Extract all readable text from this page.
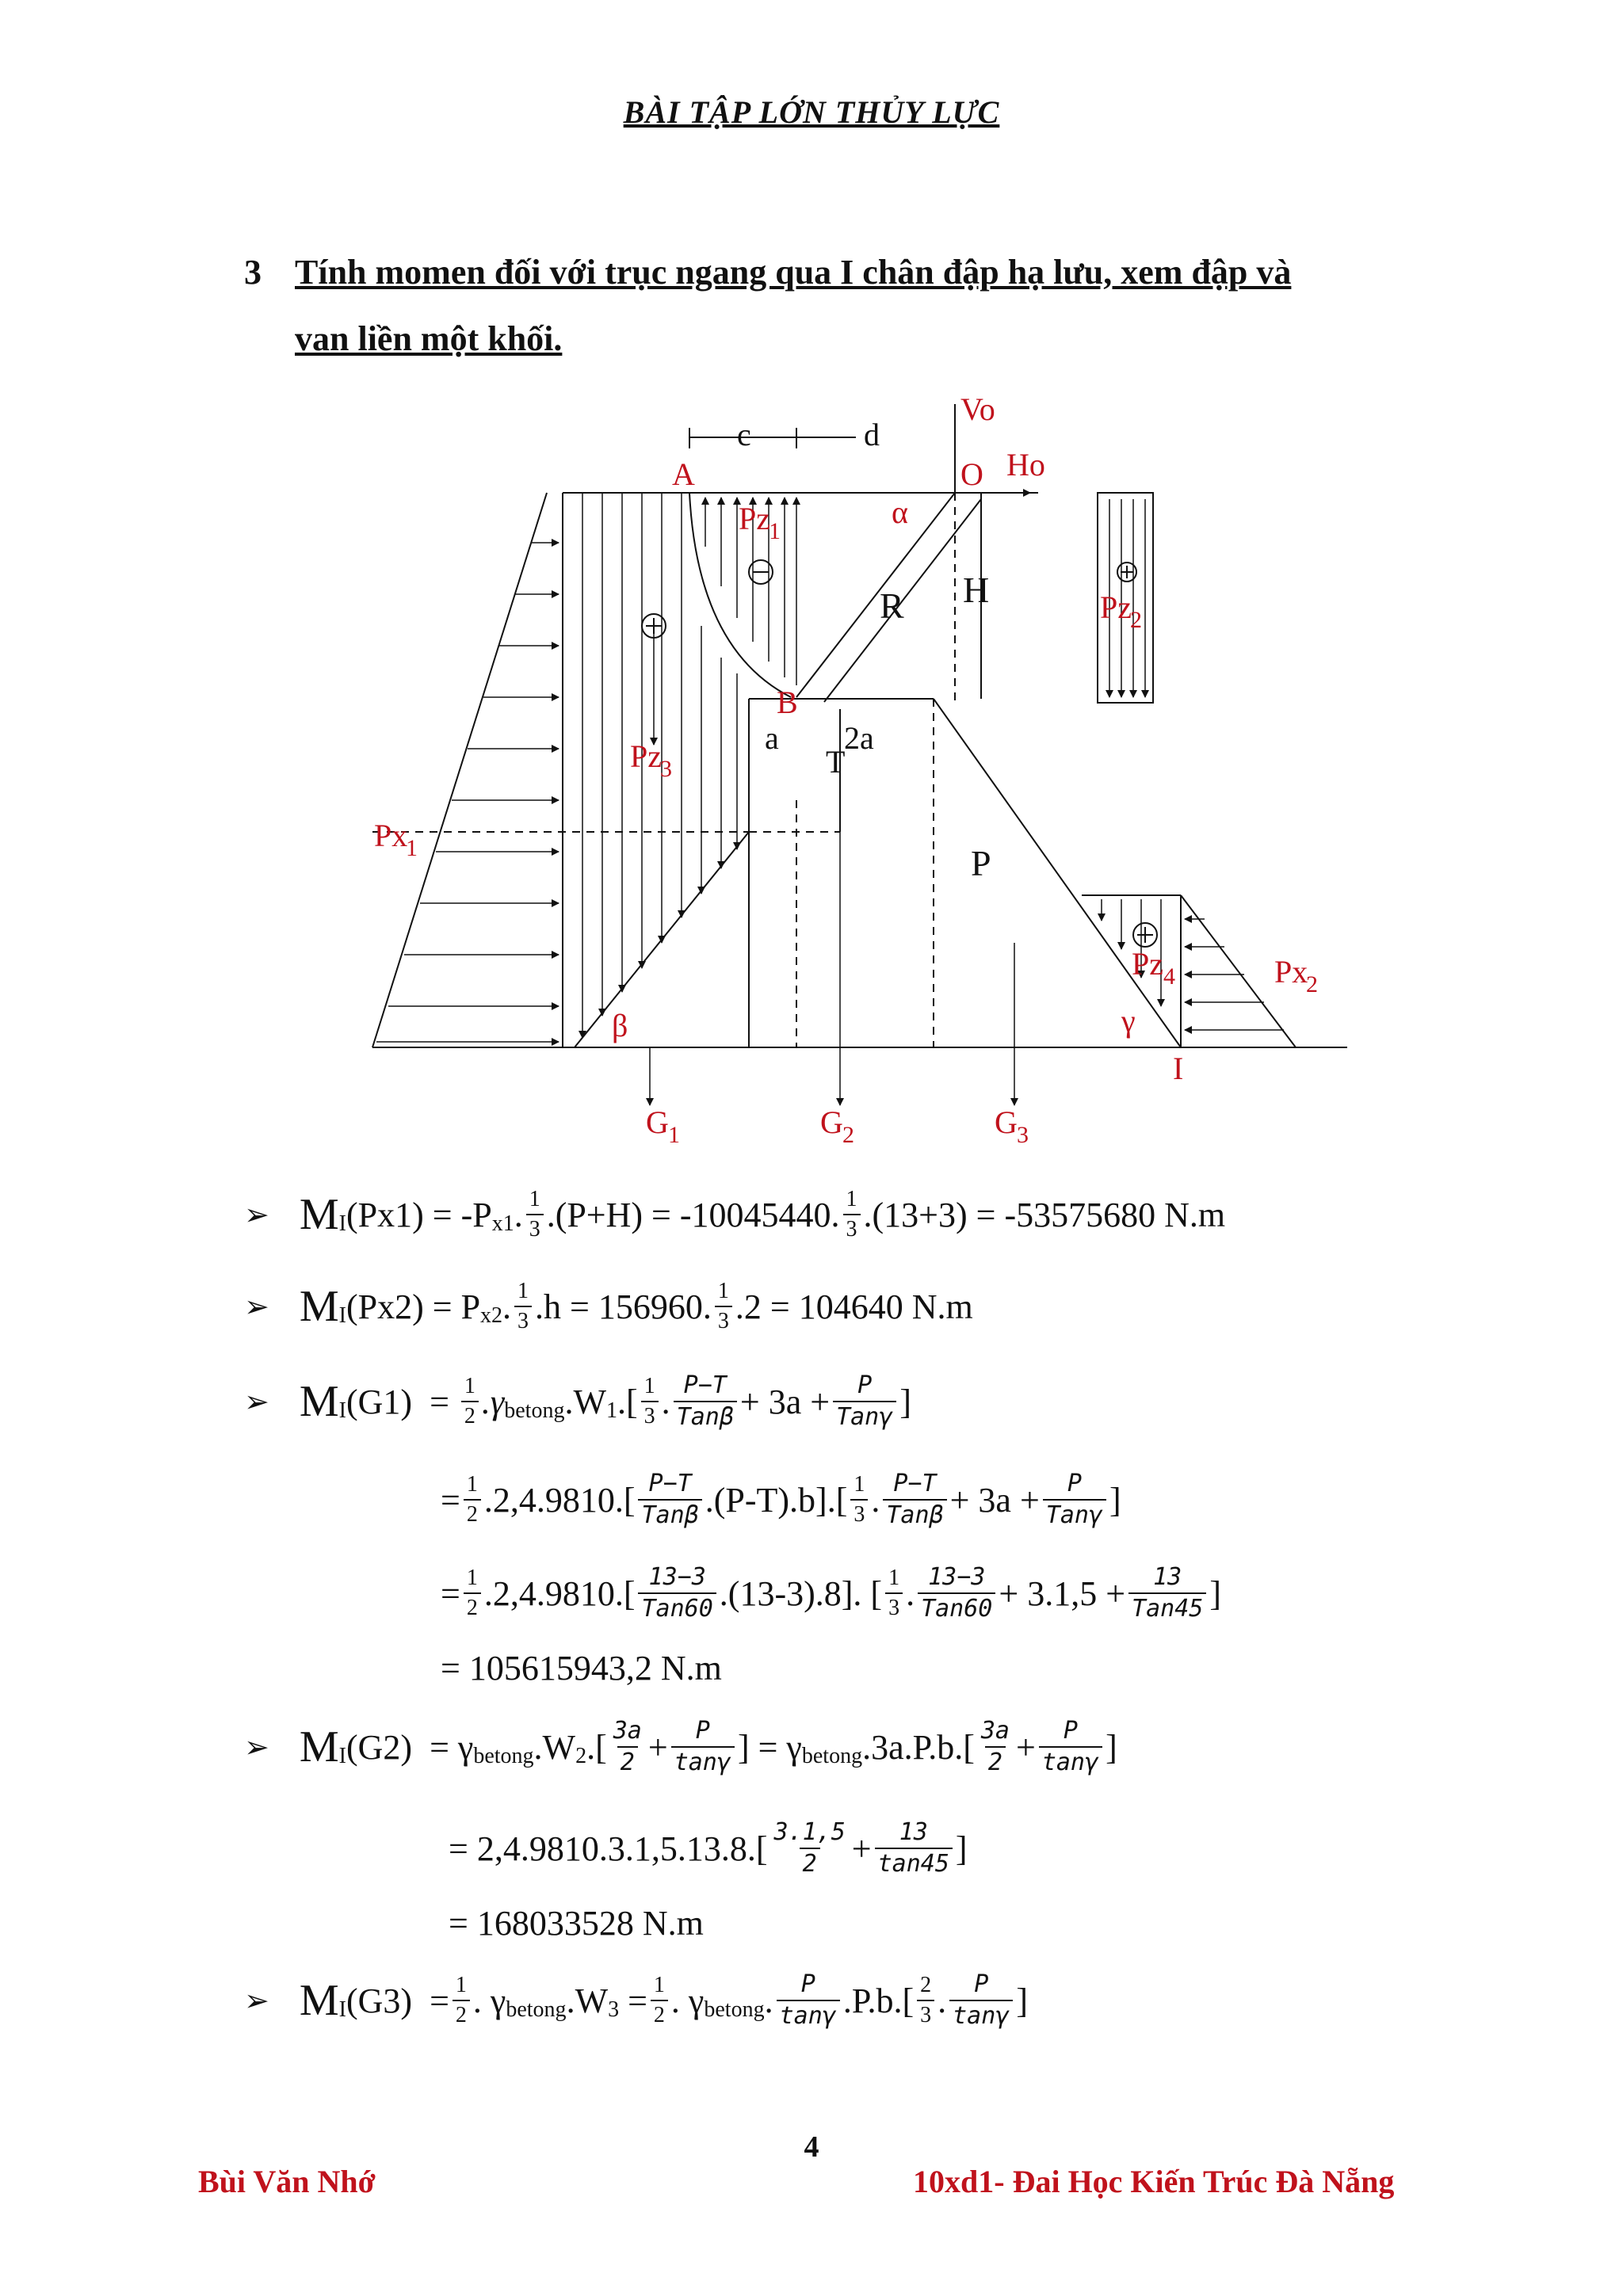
BÀI TẬP LỚN THỦY LỰC
3 Tính momen đối với trục ngang qua I chân đập hạ lưu, xem đập và
van liền một khối.
c	d
Vo
A	O Ho
Pz
1
α
R H	Pz
2
B
a 2a
T
Pz
3
Px
1	P
Pz 4	Px
2
β	γ
I
G 1	G 2	G 3
➢ M I (Px1)
= -P x1 . 1
3 .(P+H) = -10045440. 1
3 .(13+3) = -53575680 N.m
➢ M I (Px2)
= P x2 . 1
3 .h = 156960. 1
3 .2 = 104640 N.m
➢ M I (G1)
=
$\frac{1}{2} .\gamma$ betong .W 1 .[ 1
3 . P−T
Tanβ + 3a + P
Tanγ ]
= $\frac{1}{2} .2,4.9810$.[ P−T
Tanβ .(P-T).b].[ 1
3 . P−T
Tanβ + 3a + P
Tanγ ]
= $\frac{1}{2} .2,4.9810$.[ 13−3
Tan60 .(13-3).8]. [ 1
3 . 13−3
Tan60 + 3.1,5 + 13
Tan45 ]
= 105615943,2 N.m
➢ M I (G2)
= γ betong .W 2 .[ 3a
$2 + \frac{P}{\tan\gamma}$ ] = γ betong .3a.P.b.[ 3a
$2 + \frac{P}{\tan\gamma}$ ]
= 2,4.9810.3.1,5.13.8.[ 3.1,5
$2 + \frac{13}{\tan 45}$ ]
= 168033528 N.m
➢ M I (G3)
= $\frac{1}{2}$ . γ betong .W 3
= $\frac{1}{2}$ . γ betong . P
tanγ .P.b.[ 2
3 . P
tanγ ]
4
Bùi Văn Nhớ	10xd1- Đai Học Kiến Trúc Đà Nẵng
